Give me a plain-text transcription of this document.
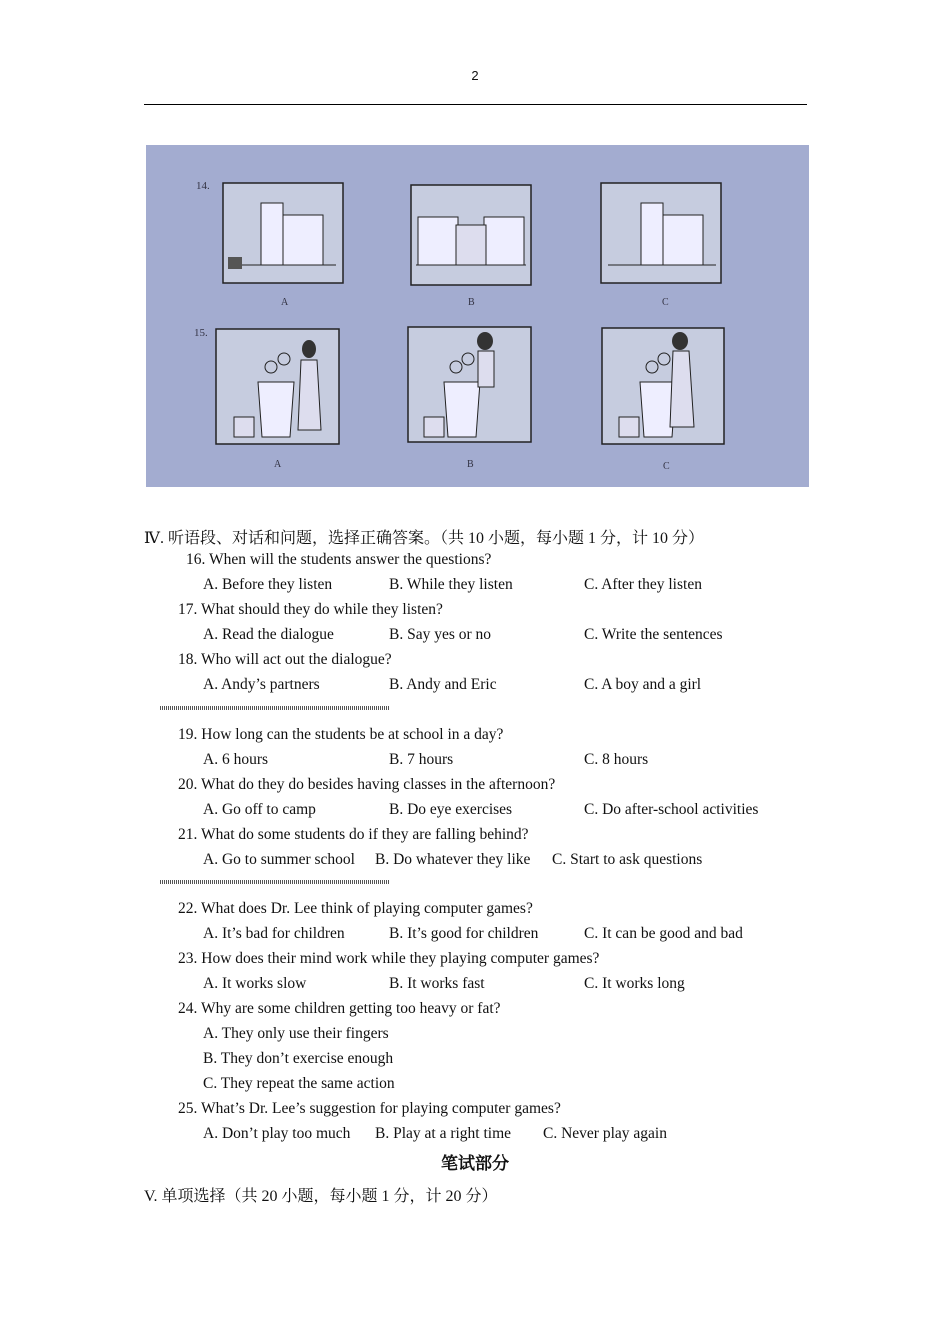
2
14.
A	B	C
15.
A	B	C
Ⅳ. 听语段、对话和问题，选择正确答案。（共 10 小题，每小题 1 分，计 10 分）
16. When will the students answer the questions?
A. Before they listen	B. While they listen	C. After they listen
17. What should they do while they listen?
A. Read the dialogue	B. Say yes or no	C. Write the sentences
18. Who will act out the dialogue?
A. Andy’s partners	B. Andy and Eric	C. A boy and a girl
19. How long can the students be at school in a day?
A. 6 hours	B. 7 hours	C. 8 hours
20. What do they do besides having classes in the afternoon?
A. Go off to camp	B. Do eye exercises	C. Do after-school activities
21. What do some students do if they are falling behind?
A. Go to summer school B. Do whatever they like C. Start to ask questions
22. What does Dr. Lee think of playing computer games?
A. It’s bad for children	B. It’s good for children	C. It can be good and bad
23. How does their mind work while they playing computer games?
A. It works slow	B. It works fast	C. It works long
24. Why are some children getting too heavy or fat?
A. They only use their fingers
B. They don’t exercise enough
C. They repeat the same action
25. What’s Dr. Lee’s suggestion for playing computer games?
A. Don’t play too much B. Play at a right time C. Never play again
笔试部分
V. 单项选择（共 20 小题，每小题 1 分，计 20 分）
